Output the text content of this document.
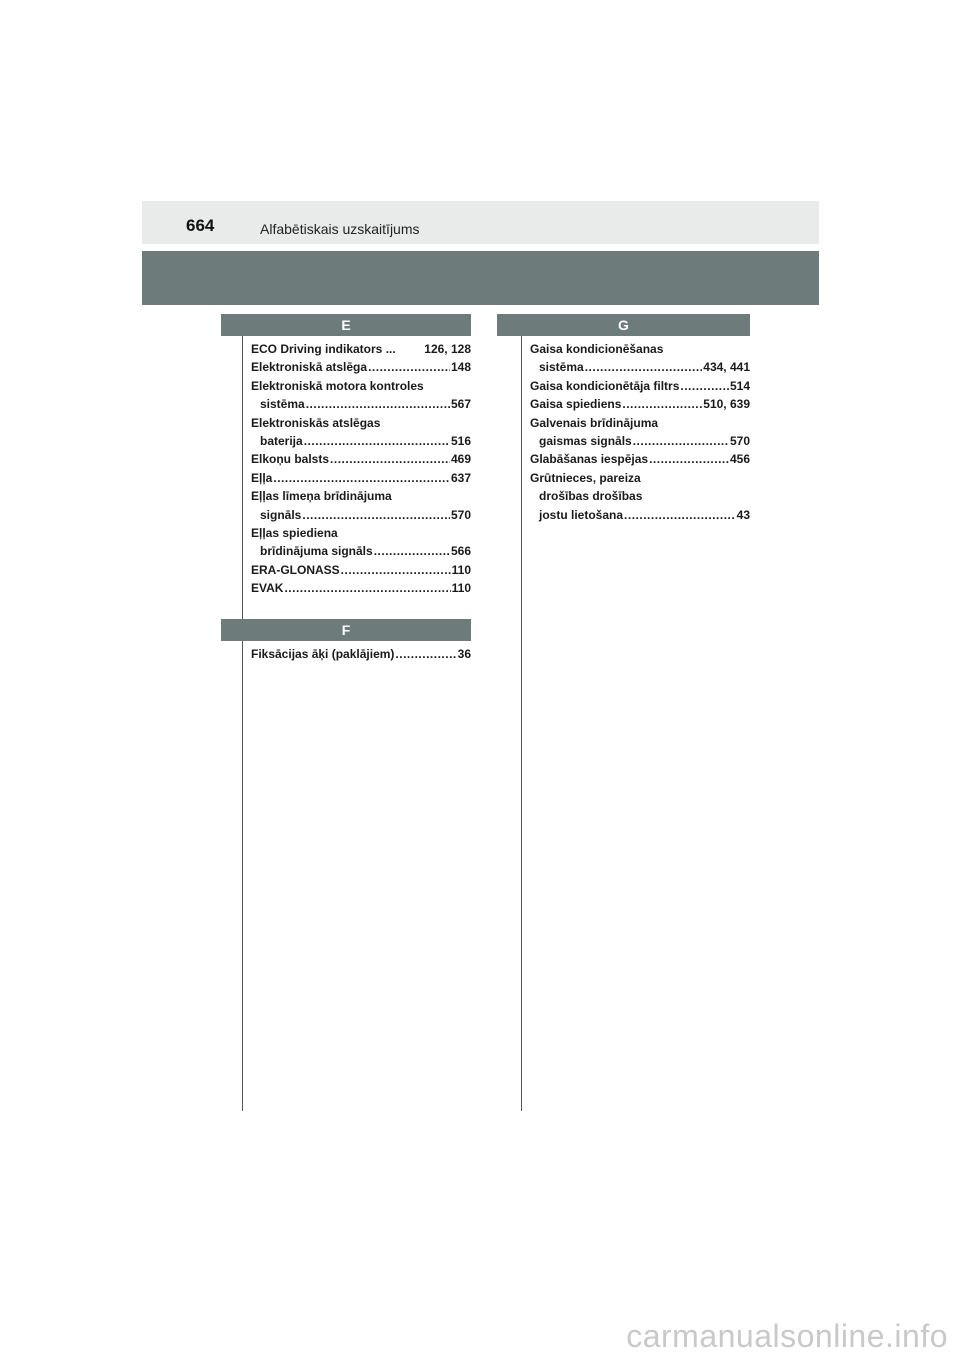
664	Alfabētiskais uzskaitījums
E
ECO Driving indikators ... 126, 128
Elektroniskā atslēga .....	148
Elektroniskā motora kontroles
sistēma .....	567
Elektroniskās atslēgas
baterija .....	516
Elkoņu balsts .....	469
Eļļa .....	637
Eļļas līmeņa brīdinājuma
signāls .....	570
Eļļas spiediena
brīdinājuma signāls .....	566
ERA-GLONASS .....	110
EVAK .....	110
F
Fiksācijas āķi (paklājiem) .....	36
G
Gaisa kondicionēšanas
sistēma .....	434, 441
Gaisa kondicionētāja filtrs .....	514
Gaisa spiediens .....	510, 639
Galvenais brīdinājuma
gaismas signāls .....	570
Glabāšanas iespējas .....	456
Grūtnieces, pareiza
drošības drošības
jostu lietošana .....	43
carmanualsonline.info
